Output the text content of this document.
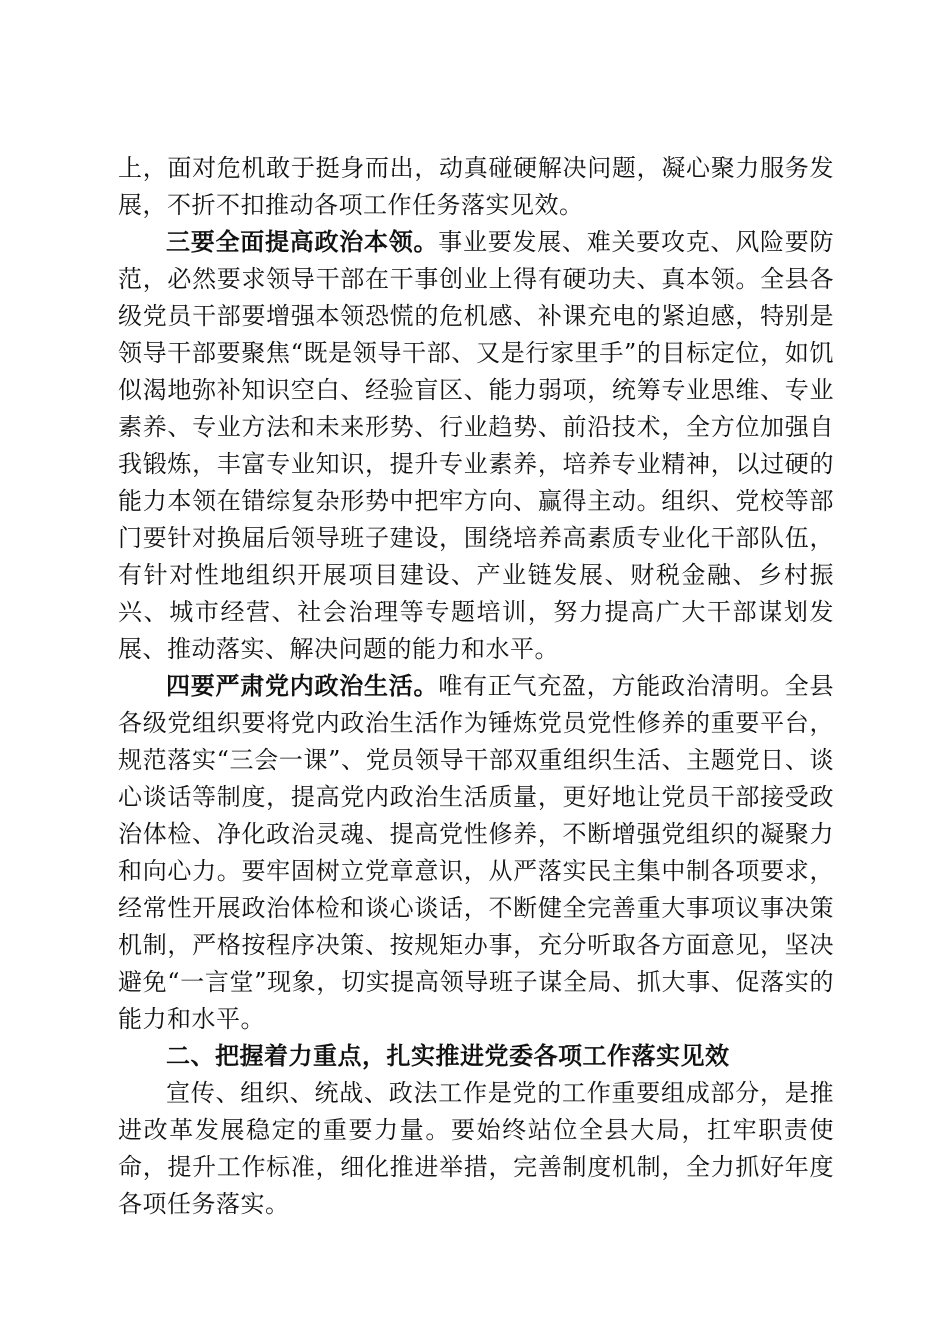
上，面对危机敢于挺身而出，动真碰硬解决问题，凝心聚力服务发展，不折不扣推动各项工作任务落实见效。

三要全面提高政治本领。事业要发展、难关要攻克、风险要防范，必然要求领导干部在干事创业上得有硬功夫、真本领。全县各级党员干部要增强本领恐慌的危机感、补课充电的紧迫感，特别是领导干部要聚焦“既是领导干部、又是行家里手”的目标定位，如饥似渴地弥补知识空白、经验盲区、能力弱项，统筹专业思维、专业素养、专业方法和未来形势、行业趋势、前沿技术，全方位加强自我锻炼，丰富专业知识，提升专业素养，培养专业精神，以过硬的能力本领在错综复杂形势中把牢方向、赢得主动。组织、党校等部门要针对换届后领导班子建设，围绕培养高素质专业化干部队伍，有针对性地组织开展项目建设、产业链发展、财税金融、乡村振兴、城市经营、社会治理等专题培训，努力提高广大干部谋划发展、推动落实、解决问题的能力和水平。

四要严肃党内政治生活。唯有正气充盈，方能政治清明。全县各级党组织要将党内政治生活作为锤炼党员党性修养的重要平台，规范落实“三会一课”、党员领导干部双重组织生活、主题党日、谈心谈话等制度，提高党内政治生活质量，更好地让党员干部接受政治体检、净化政治灵魂、提高党性修养，不断增强党组织的凝聚力和向心力。要牢固树立党章意识，从严落实民主集中制各项要求，经常性开展政治体检和谈心谈话，不断健全完善重大事项议事决策机制，严格按程序决策、按规矩办事，充分听取各方面意见，坚决避免“一言堂”现象，切实提高领导班子谋全局、抓大事、促落实的能力和水平。

二、把握着力重点，扎实推进党委各项工作落实见效

宣传、组织、统战、政法工作是党的工作重要组成部分，是推进改革发展稳定的重要力量。要始终站位全县大局，扛牢职责使命，提升工作标准，细化推进举措，完善制度机制，全力抓好年度各项任务落实。
